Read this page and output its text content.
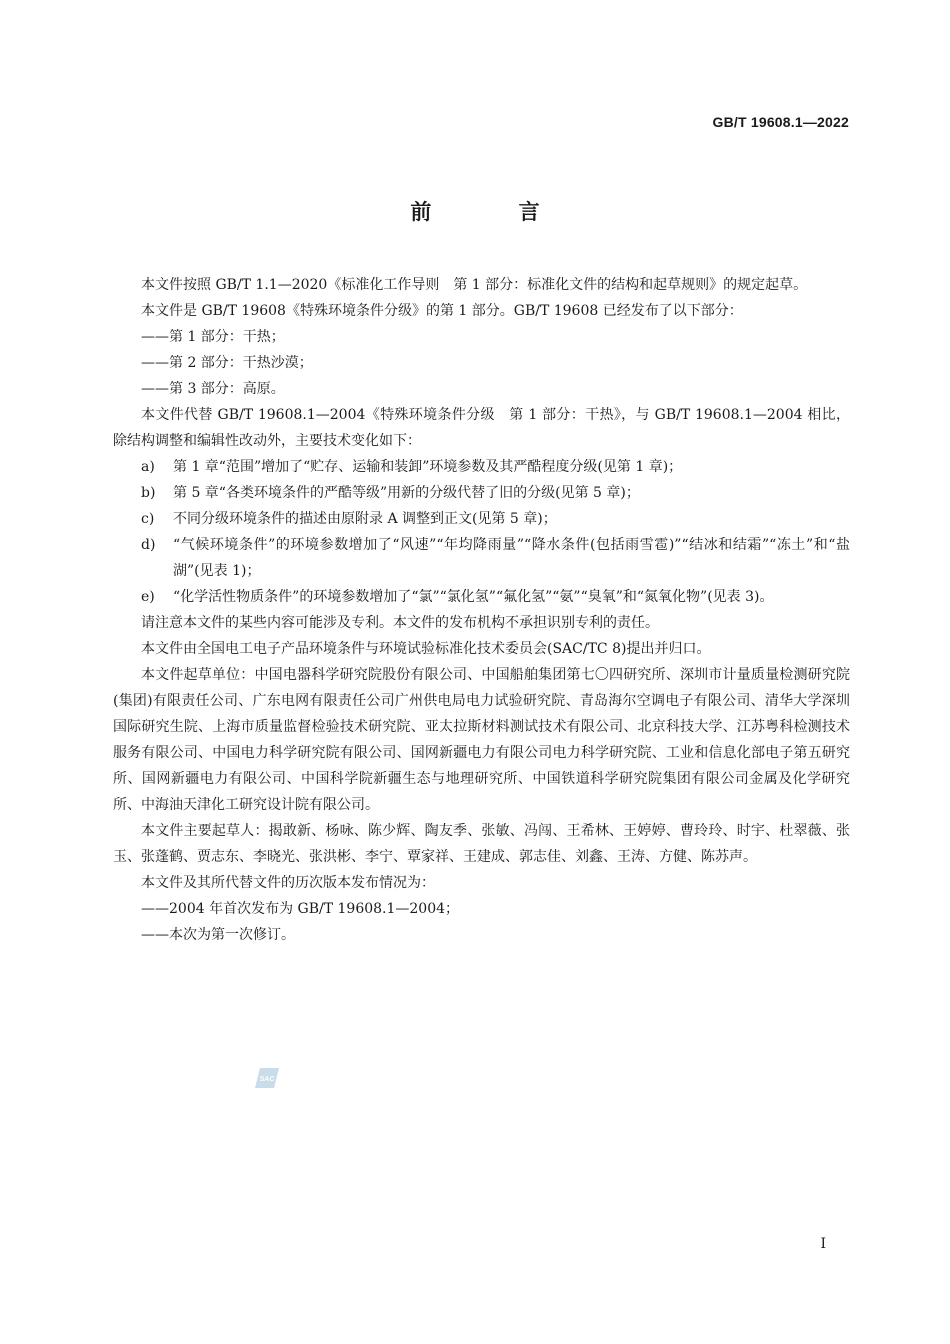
GB/T 19608.1—2022
前 言

本文件按照 GB/T 1.1—2020《标准化工作导则　第 1 部分：标准化文件的结构和起草规则》的规定起草。

本文件是 GB/T 19608《特殊环境条件分级》的第 1 部分。GB/T 19608 已经发布了以下部分：

——第 1 部分：干热；

——第 2 部分：干热沙漠；

——第 3 部分：高原。

本文件代替 GB/T 19608.1—2004《特殊环境条件分级　第 1 部分：干热》，与 GB/T 19608.1—2004 相比，除结构调整和编辑性改动外，主要技术变化如下：

a)	第 1 章“范围”增加了“贮存、运输和装卸”环境参数及其严酷程度分级(见第 1 章)；
b)	第 5 章“各类环境条件的严酷等级”用新的分级代替了旧的分级(见第 5 章)；
c)	不同分级环境条件的描述由原附录 A 调整到正文(见第 5 章)；
d)	“气候环境条件”的环境参数增加了“风速”“年均降雨量”“降水条件(包括雨雪雹)”“结冰和结霜”“冻土”和“盐湖”(见表 1)；
e)	“化学活性物质条件”的环境参数增加了“氯”“氯化氢”“氟化氢”“氨”“臭氧”和“氮氧化物”(见表 3)。

请注意本文件的某些内容可能涉及专利。本文件的发布机构不承担识别专利的责任。

本文件由全国电工电子产品环境条件与环境试验标准化技术委员会(SAC/TC 8)提出并归口。

本文件起草单位：中国电器科学研究院股份有限公司、中国船舶集团第七〇四研究所、深圳市计量质量检测研究院(集团)有限责任公司、广东电网有限责任公司广州供电局电力试验研究院、青岛海尔空调电子有限公司、清华大学深圳国际研究生院、上海市质量监督检验技术研究院、亚太拉斯材料测试技术有限公司、北京科技大学、江苏粤科检测技术服务有限公司、中国电力科学研究院有限公司、国网新疆电力有限公司电力科学研究院、工业和信息化部电子第五研究所、国网新疆电力有限公司、中国科学院新疆生态与地理研究所、中国铁道科学研究院集团有限公司金属及化学研究所、中海油天津化工研究设计院有限公司。

本文件主要起草人：揭敢新、杨咏、陈少辉、陶友季、张敏、冯闯、王希林、王婷婷、曹玲玲、时宇、杜翠薇、张玉、张蓬鹤、贾志东、李晓光、张洪彬、李宁、覃家祥、王建成、郭志佳、刘鑫、王涛、方健、陈苏声。

本文件及其所代替文件的历次版本发布情况为：

——2004 年首次发布为 GB/T 19608.1—2004；

——本次为第一次修订。

SAC
I
